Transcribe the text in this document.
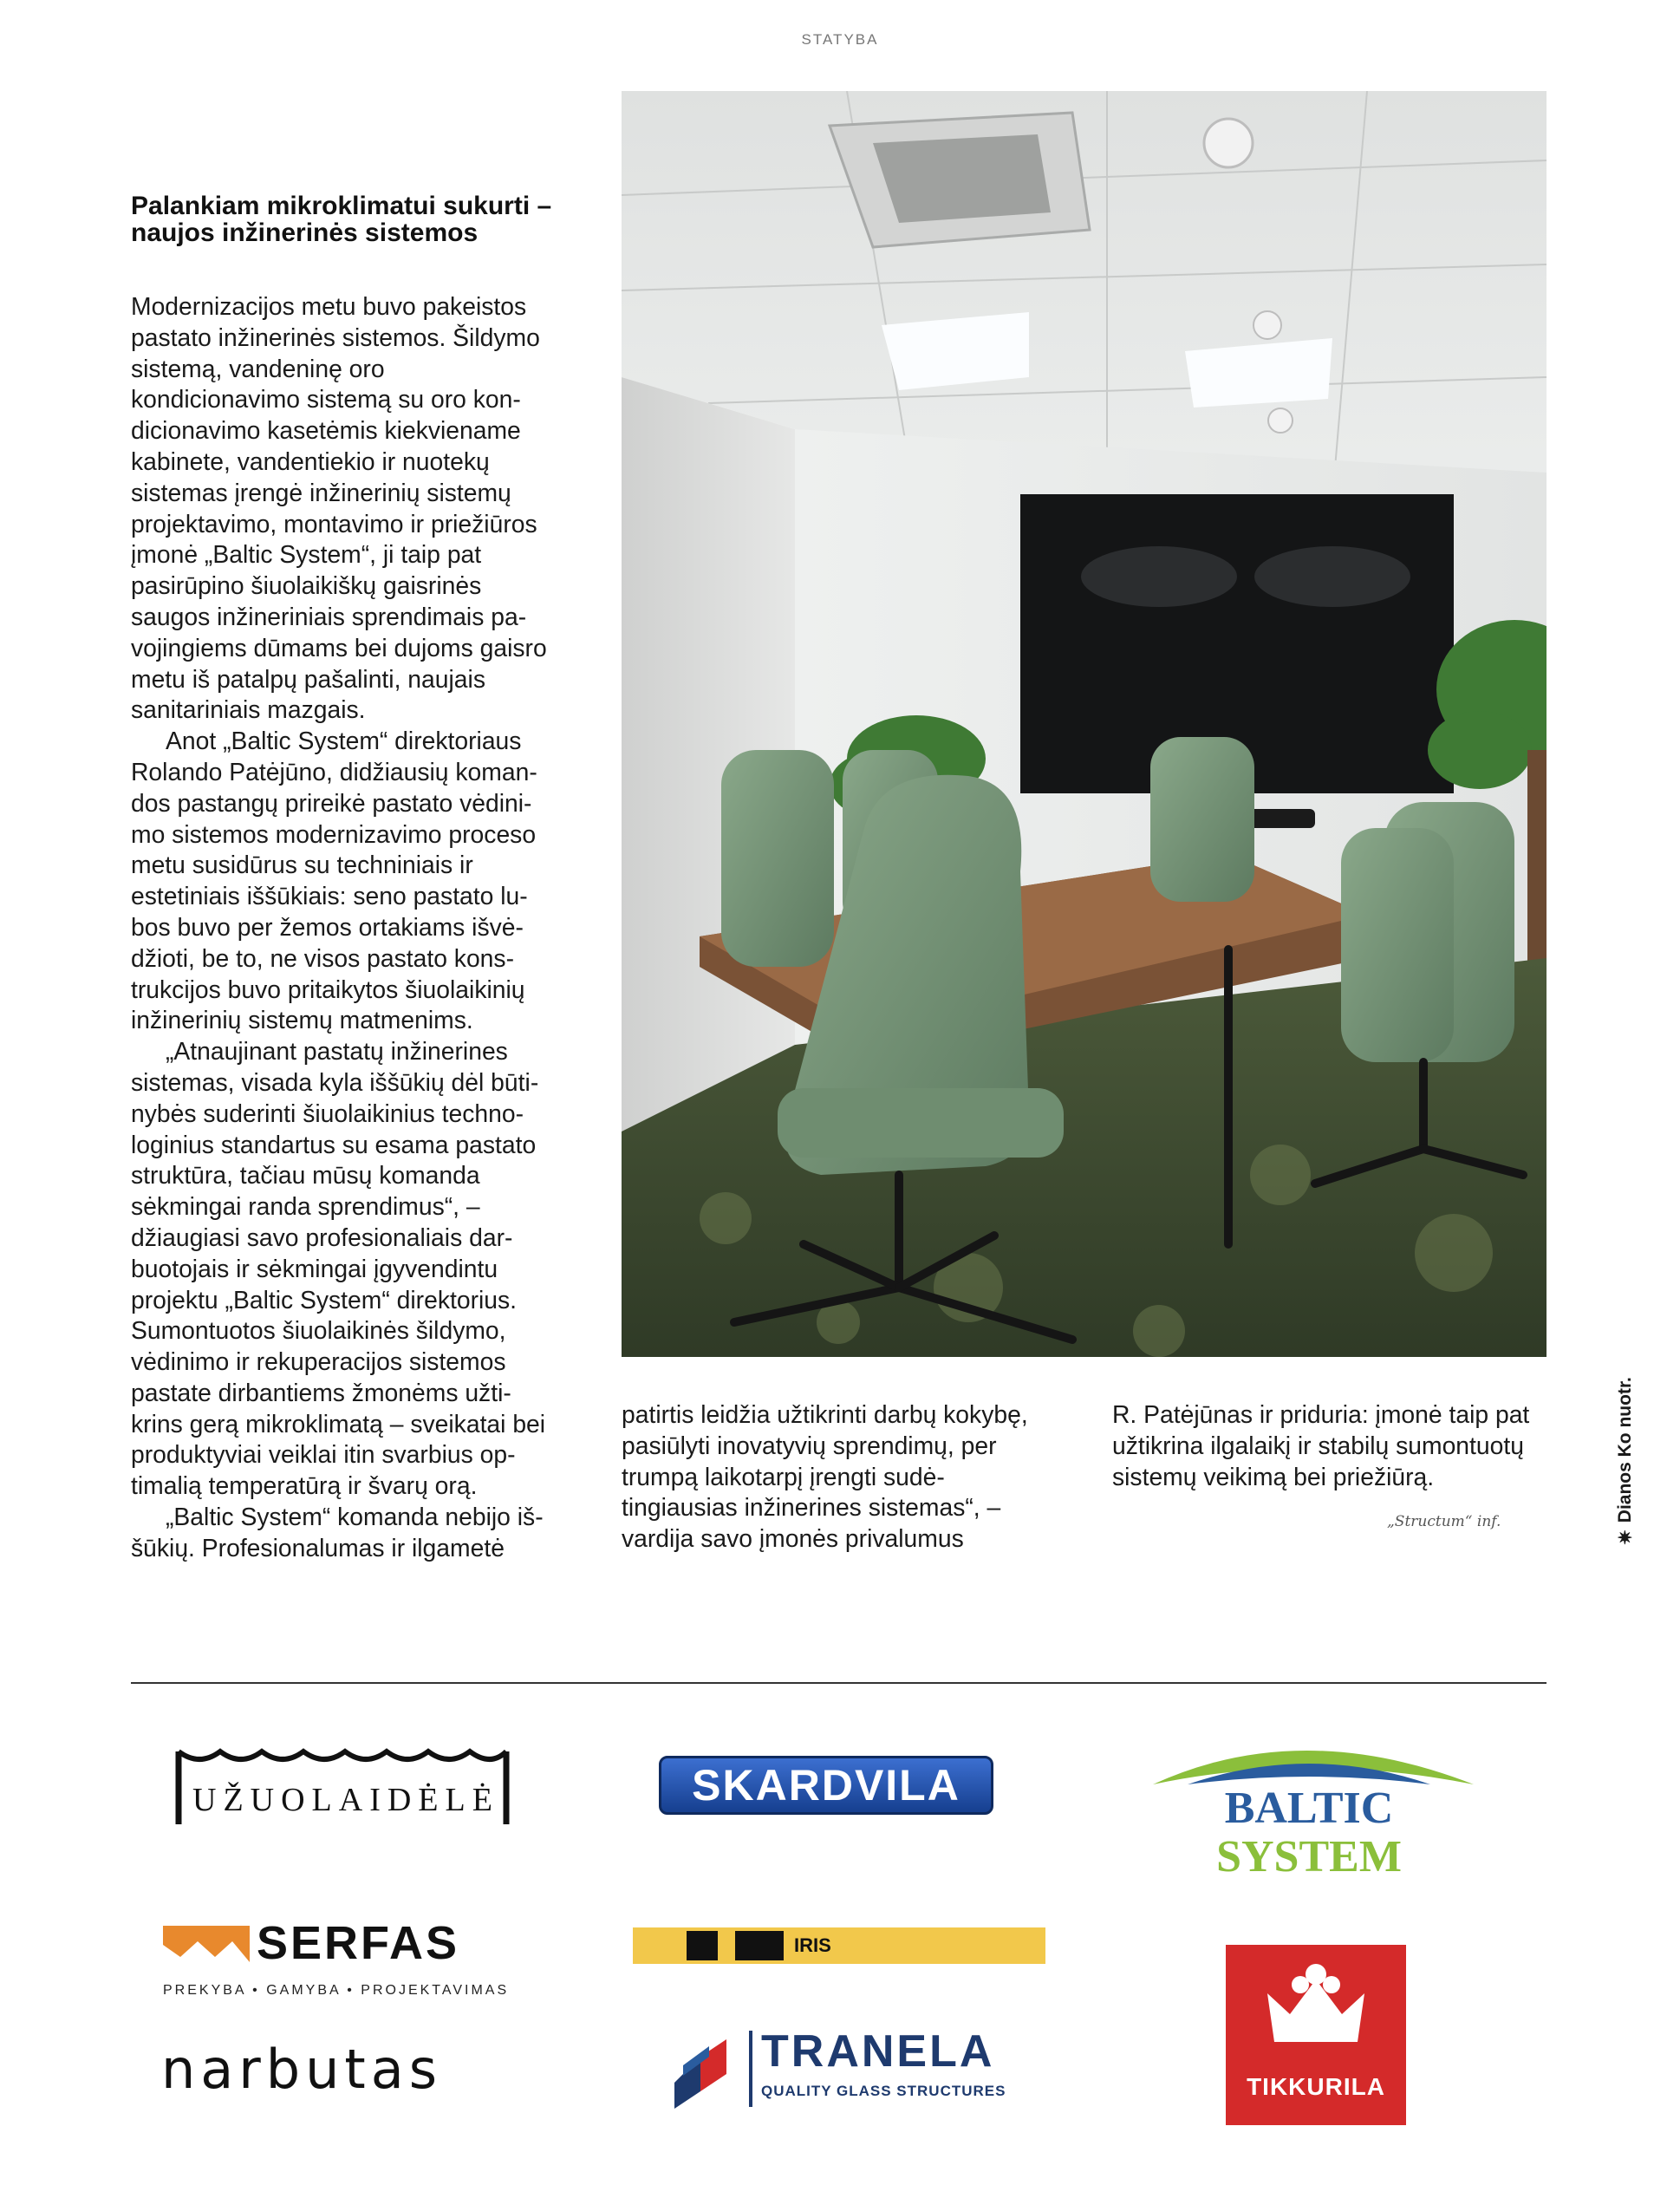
STATYBA
Palankiam mikroklimatui sukurti – naujos inžinerinės sistemos

Modernizacijos metu buvo pakeistos pastato inžinerinės sistemos. Šildymo sistemą, vandeninę oro kondicionavimo sistemą su oro kondicionavimo kasetėmis kiekviename kabinete, vandentiekio ir nuotekų sistemas įrengė inžinerinių sistemų projektavimo, montavimo ir priežiūros įmonė „Baltic System“, ji taip pat pasirūpino šiuolaikiškų gaisrinės saugos inžineriniais sprendimais pavojingiems dūmams bei dujoms gaisro metu iš patalpų pašalinti, naujais sanitariniais mazgais.

Anot „Baltic System“ direktoriaus Rolando Patėjūno, didžiausių komandos pastangų prireikė pastato vėdinimo sistemos modernizavimo proceso metu susidūrus su techniniais ir estetiniais iššūkiais: seno pastato lubos buvo per žemos ortakiams išvėdžioti, be to, ne visos pastato konstrukcijos buvo pritaikytos šiuolaikinių inžinerinių sistemų matmenims.

„Atnaujinant pastatų inžinerines sistemas, visada kyla iššūkių dėl būtinybės suderinti šiuolaikinius technologinius standartus su esama pastato struktūra, tačiau mūsų komanda sėkmingai randa sprendimus“, – džiaugiasi savo profesionaliais darbuotojais ir sėkmingai įgyvendintu projektu „Baltic System“ direktorius. Sumontuotos šiuolaikinės šildymo, vėdinimo ir rekuperacijos sistemos pastate dirbantiems žmonėms užtikrins gerą mikroklimatą – sveikatai bei produktyviai veiklai itin svarbius optimalią temperatūrą ir švarų orą.

„Baltic System“ komanda nebijo iššūkių. Profesionalumas ir ilgametė

patirtis leidžia užtikrinti darbų kokybę, pasiūlyti inovatyvių sprendimų, per trumpą laikotarpį įrengti sudėtingiausias inžinerines sistemas“, – vardija savo įmonės privalumus

R. Patėjūnas ir priduria: įmonė taip pat užtikrina ilgalaikį ir stabilų sumontuotų sistemų veikimą bei priežiūrą.

„Structum“ inf.
✷
Dianos Ko nuotr.
UŽUOLAIDĖLĖ	SKARDVILA	BALTIC SYSTEM
SERFAS
PREKYBA • GAMYBA • PROJEKTAVIMAS
IRIS
TIKKURILA
narbutas	TRANELA
QUALITY GLASS STRUCTURES
